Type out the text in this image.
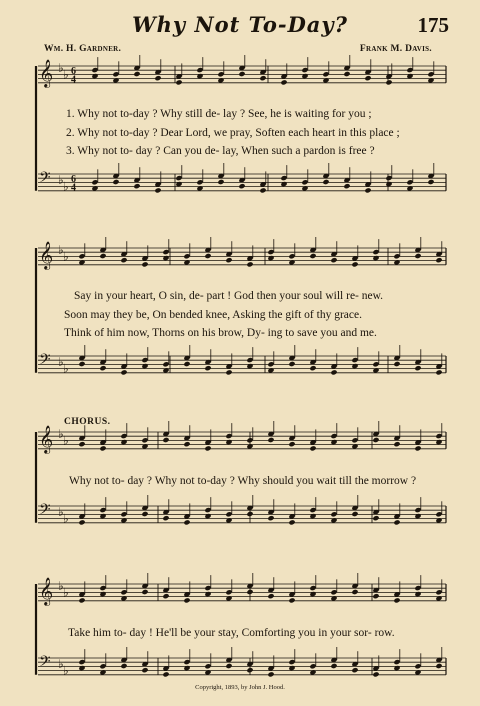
Why Not To-Day?	175
Wm. H. Gardner.	Frank M. Davis.
𝄞 ♭ ♭ 6
4
𝄢 ♭ ♭ 6
4
1. Why not to-day ? Why still de- lay ? See, he is waiting for you ;
2. Why not to-day ? Dear Lord, we pray, Soften each heart in this place ;
3. Why not to- day ? Can you de- lay, When such a pardon is free ?
𝄞 ♭ ♭
𝄢 ♭ ♭
Say in your heart, O sin, de- part ! God then your soul will re- new.
Soon may they be, On bended knee, Asking the gift of thy grace.
Think of him now, Thorns on his brow, Dy- ing to save you and me.
CHORUS.
𝄞 ♭ ♭
𝄢 ♭ ♭
Why not to- day ? Why not to-day ? Why should you wait till the morrow ?
𝄞 ♭ ♭
𝄢 ♭ ♭
Take him to- day ! He'll be your stay, Comforting you in your sor- row.
Copyright, 1893, by John J. Hood.
